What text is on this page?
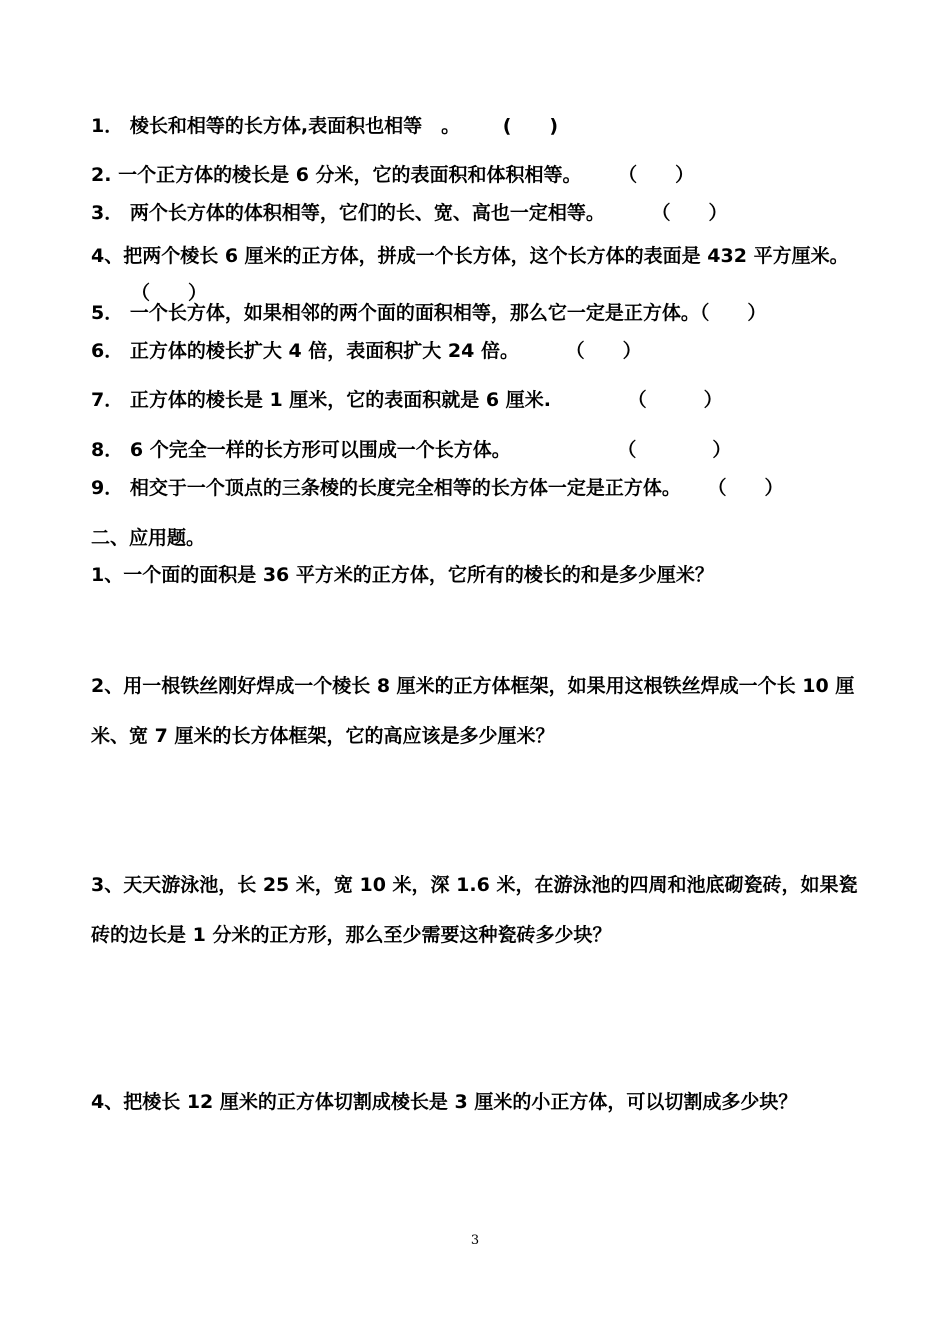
1． 棱长和相等的长方体,表面积也相等　。 (　　)
2. 一个正方体的棱长是 6 分米，它的表面积和体积相等。 （　　）
3． 两个长方体的体积相等，它们的长、宽、高也一定相等。 （　　）
4、把两个棱长 6 厘米的正方体，拼成一个长方体，这个长方体的表面是 432 平方厘米。 （　　）
5． 一个长方体，如果相邻的两个面的面积相等，那么它一定是正方体。（　　）
6． 正方体的棱长扩大 4 倍，表面积扩大 24 倍。 （　　）
7． 正方体的棱长是 1 厘米，它的表面积就是 6 厘米.	（　　　）
8． 6 个完全一样的长方形可以围成一个长方体。	（　　　　）
9． 相交于一个顶点的三条棱的长度完全相等的长方体一定是正方体。 （　　）
二、应用题。
1、一个面的面积是 36 平方米的正方体，它所有的棱长的和是多少厘米？
2、用一根铁丝刚好焊成一个棱长 8 厘米的正方体框架，如果用这根铁丝焊成一个长 10 厘米、宽 7 厘米的长方体框架，它的高应该是多少厘米？
3、天天游泳池，长 25 米，宽 10 米，深 1.6 米，在游泳池的四周和池底砌瓷砖，如果瓷砖的边长是 1 分米的正方形，那么至少需要这种瓷砖多少块？
4、把棱长 12 厘米的正方体切割成棱长是 3 厘米的小正方体，可以切割成多少块？
3
